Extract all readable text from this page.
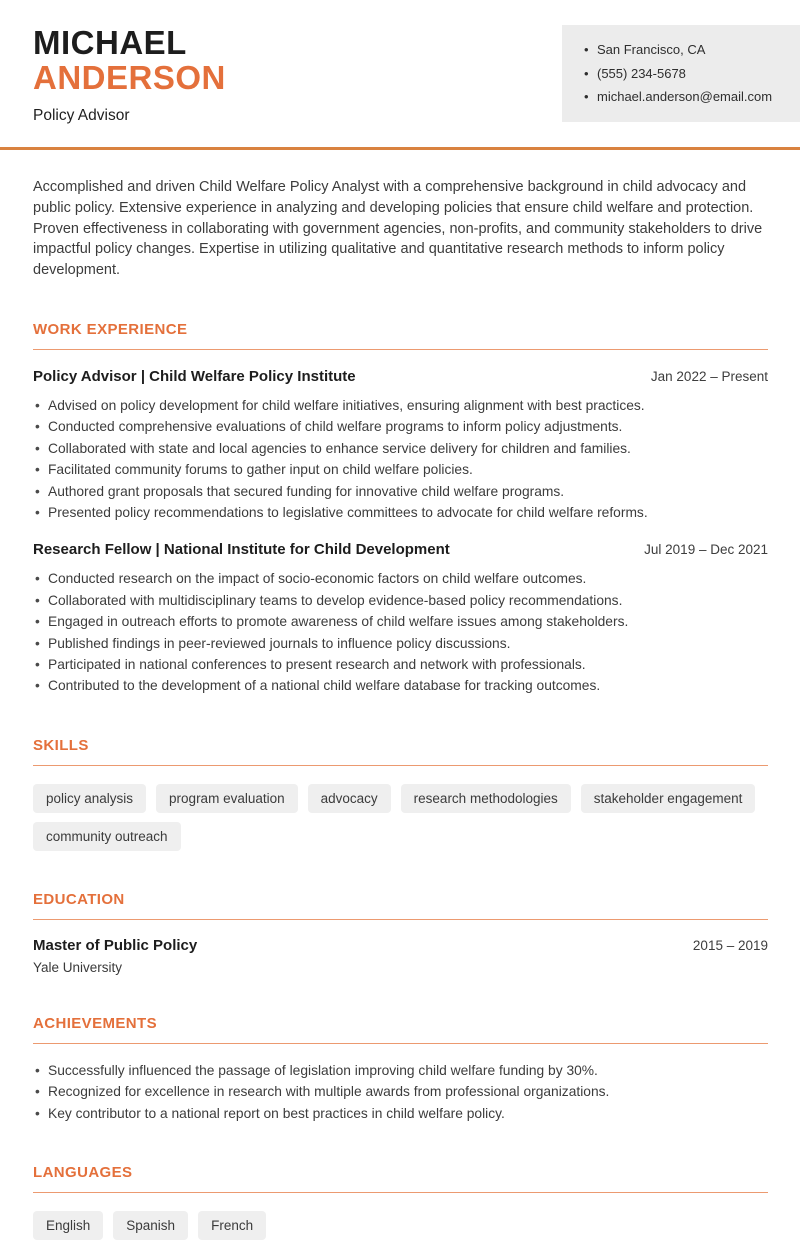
MICHAEL
ANDERSON
Policy Advisor
• San Francisco, CA
• (555) 234-5678
• michael.anderson@email.com

Accomplished and driven Child Welfare Policy Analyst with a comprehensive background in child advocacy and public policy. Extensive experience in analyzing and developing policies that ensure child welfare and protection. Proven effectiveness in collaborating with government agencies, non-profits, and community stakeholders to drive impactful policy changes. Expertise in utilizing qualitative and quantitative research methods to inform policy development.

WORK EXPERIENCE
Policy Advisor | Child Welfare Policy Institute	Jan 2022 – Present
• Advised on policy development for child welfare initiatives, ensuring alignment with best practices.
• Conducted comprehensive evaluations of child welfare programs to inform policy adjustments.
• Collaborated with state and local agencies to enhance service delivery for children and families.
• Facilitated community forums to gather input on child welfare policies.
• Authored grant proposals that secured funding for innovative child welfare programs.
• Presented policy recommendations to legislative committees to advocate for child welfare reforms.
Research Fellow | National Institute for Child Development	Jul 2019 – Dec 2021
• Conducted research on the impact of socio-economic factors on child welfare outcomes.
• Collaborated with multidisciplinary teams to develop evidence-based policy recommendations.
• Engaged in outreach efforts to promote awareness of child welfare issues among stakeholders.
• Published findings in peer-reviewed journals to influence policy discussions.
• Participated in national conferences to present research and network with professionals.
• Contributed to the development of a national child welfare database for tracking outcomes.
SKILLS
policy analysis	program evaluation	advocacy	research methodologies	stakeholder engagement
community outreach
EDUCATION
Master of Public Policy	2015 – 2019
Yale University
ACHIEVEMENTS
• Successfully influenced the passage of legislation improving child welfare funding by 30%.
• Recognized for excellence in research with multiple awards from professional organizations.
• Key contributor to a national report on best practices in child welfare policy.
LANGUAGES
English	Spanish	French
